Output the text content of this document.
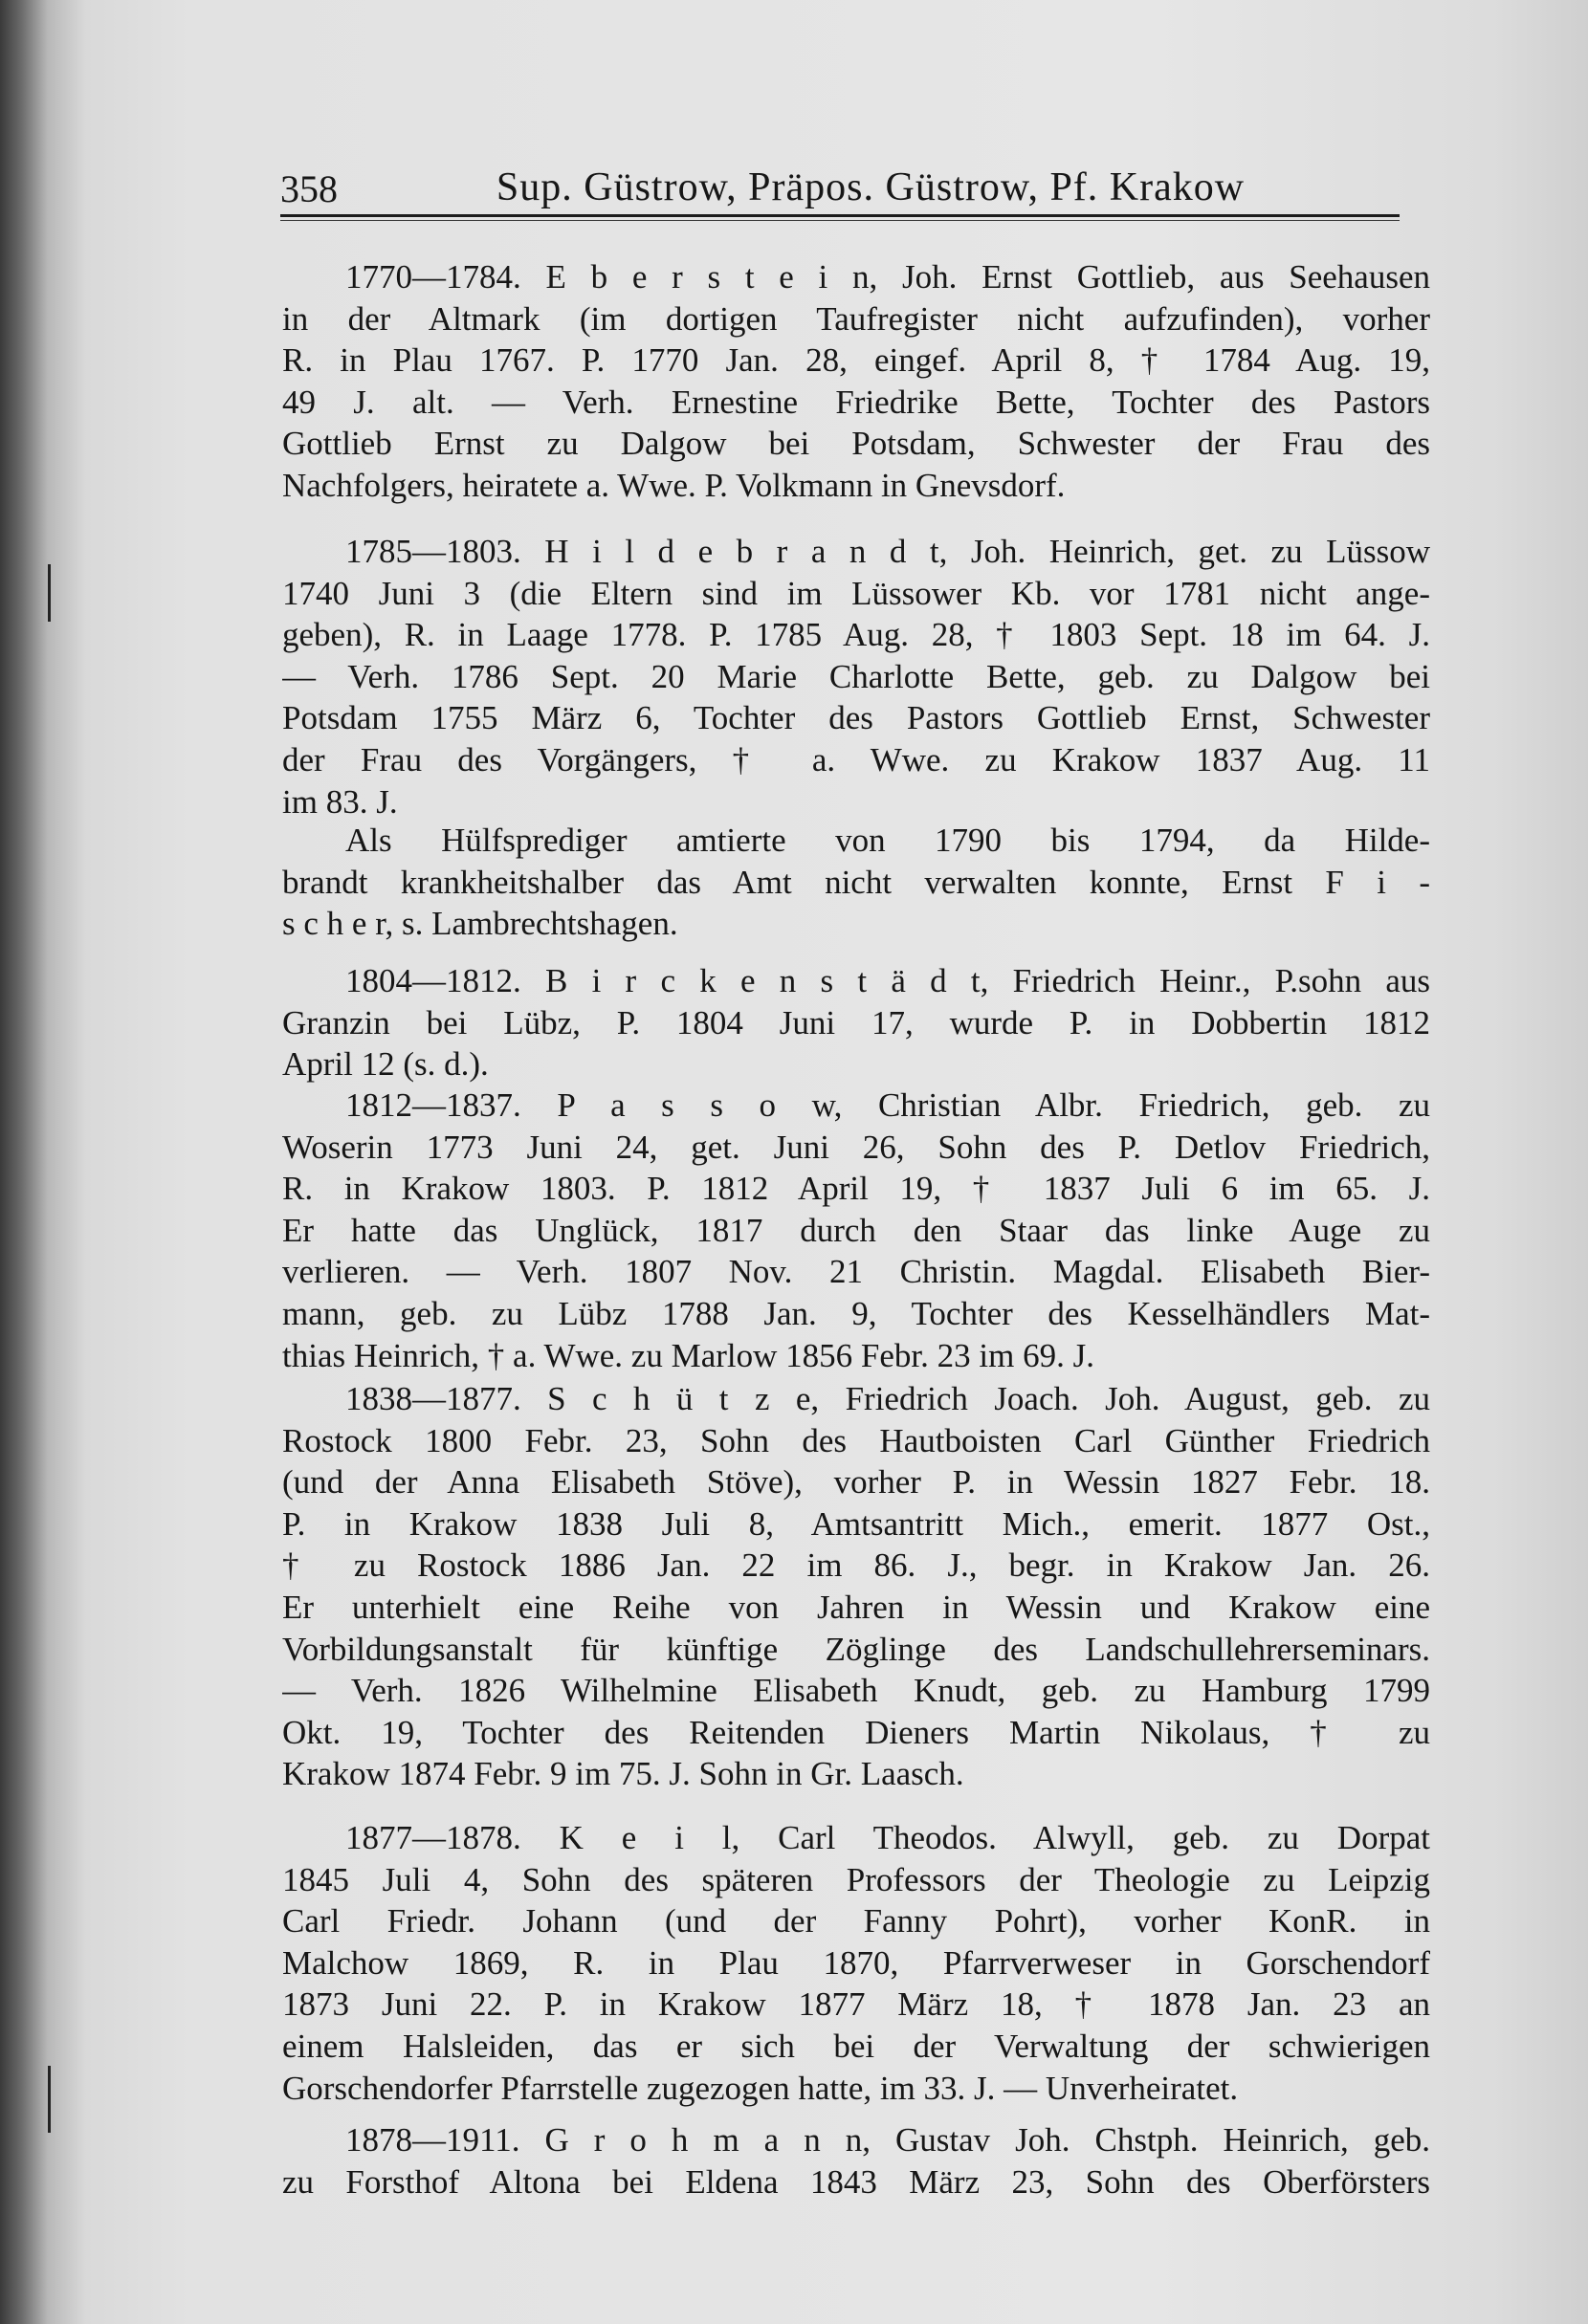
358	Sup. Güstrow, Präpos. Güstrow, Pf. Krakow
1770—1784. E b e r s t e i n, Joh. Ernst Gottlieb, aus Seehausen
in der Altmark (im dortigen Taufregister nicht aufzufinden), vorher
R. in Plau 1767. P. 1770 Jan. 28, eingef. April 8, † 1784 Aug. 19,
49 J. alt. — Verh. Ernestine Friedrike Bette, Tochter des Pastors
Gottlieb Ernst zu Dalgow bei Potsdam, Schwester der Frau des
Nachfolgers, heiratete a. Wwe. P. Volkmann in Gnevsdorf.
1785—1803. H i l d e b r a n d t, Joh. Heinrich, get. zu Lüssow
1740 Juni 3 (die Eltern sind im Lüssower Kb. vor 1781 nicht ange-
geben), R. in Laage 1778. P. 1785 Aug. 28, † 1803 Sept. 18 im 64. J.
— Verh. 1786 Sept. 20 Marie Charlotte Bette, geb. zu Dalgow bei
Potsdam 1755 März 6, Tochter des Pastors Gottlieb Ernst, Schwester
der Frau des Vorgängers, † a. Wwe. zu Krakow 1837 Aug. 11
im 83. J.
Als Hülfsprediger amtierte von 1790 bis 1794, da Hilde-
brandt krankheitshalber das Amt nicht verwalten konnte, Ernst F i -
s c h e r, s. Lambrechtshagen.
1804—1812. B i r c k e n s t ä d t, Friedrich Heinr., P.sohn aus
Granzin bei Lübz, P. 1804 Juni 17, wurde P. in Dobbertin 1812
April 12 (s. d.).
1812—1837. P a s s o w, Christian Albr. Friedrich, geb. zu
Woserin 1773 Juni 24, get. Juni 26, Sohn des P. Detlov Friedrich,
R. in Krakow 1803. P. 1812 April 19, † 1837 Juli 6 im 65. J.
Er hatte das Unglück, 1817 durch den Staar das linke Auge zu
verlieren. — Verh. 1807 Nov. 21 Christin. Magdal. Elisabeth Bier-
mann, geb. zu Lübz 1788 Jan. 9, Tochter des Kesselhändlers Mat-
thias Heinrich, † a. Wwe. zu Marlow 1856 Febr. 23 im 69. J.
1838—1877. S c h ü t z e, Friedrich Joach. Joh. August, geb. zu
Rostock 1800 Febr. 23, Sohn des Hautboisten Carl Günther Friedrich
(und der Anna Elisabeth Stöve), vorher P. in Wessin 1827 Febr. 18.
P. in Krakow 1838 Juli 8, Amtsantritt Mich., emerit. 1877 Ost.,
† zu Rostock 1886 Jan. 22 im 86. J., begr. in Krakow Jan. 26.
Er unterhielt eine Reihe von Jahren in Wessin und Krakow eine
Vorbildungsanstalt für künftige Zöglinge des Landschullehrerseminars.
— Verh. 1826 Wilhelmine Elisabeth Knudt, geb. zu Hamburg 1799
Okt. 19, Tochter des Reitenden Dieners Martin Nikolaus, † zu
Krakow 1874 Febr. 9 im 75. J. Sohn in Gr. Laasch.
1877—1878. K e i l, Carl Theodos. Alwyll, geb. zu Dorpat
1845 Juli 4, Sohn des späteren Professors der Theologie zu Leipzig
Carl Friedr. Johann (und der Fanny Pohrt), vorher KonR. in
Malchow 1869, R. in Plau 1870, Pfarrverweser in Gorschendorf
1873 Juni 22. P. in Krakow 1877 März 18, † 1878 Jan. 23 an
einem Halsleiden, das er sich bei der Verwaltung der schwierigen
Gorschendorfer Pfarrstelle zugezogen hatte, im 33. J. — Unverheiratet.
1878—1911. G r o h m a n n, Gustav Joh. Chstph. Heinrich, geb.
zu Forsthof Altona bei Eldena 1843 März 23, Sohn des Oberförsters
